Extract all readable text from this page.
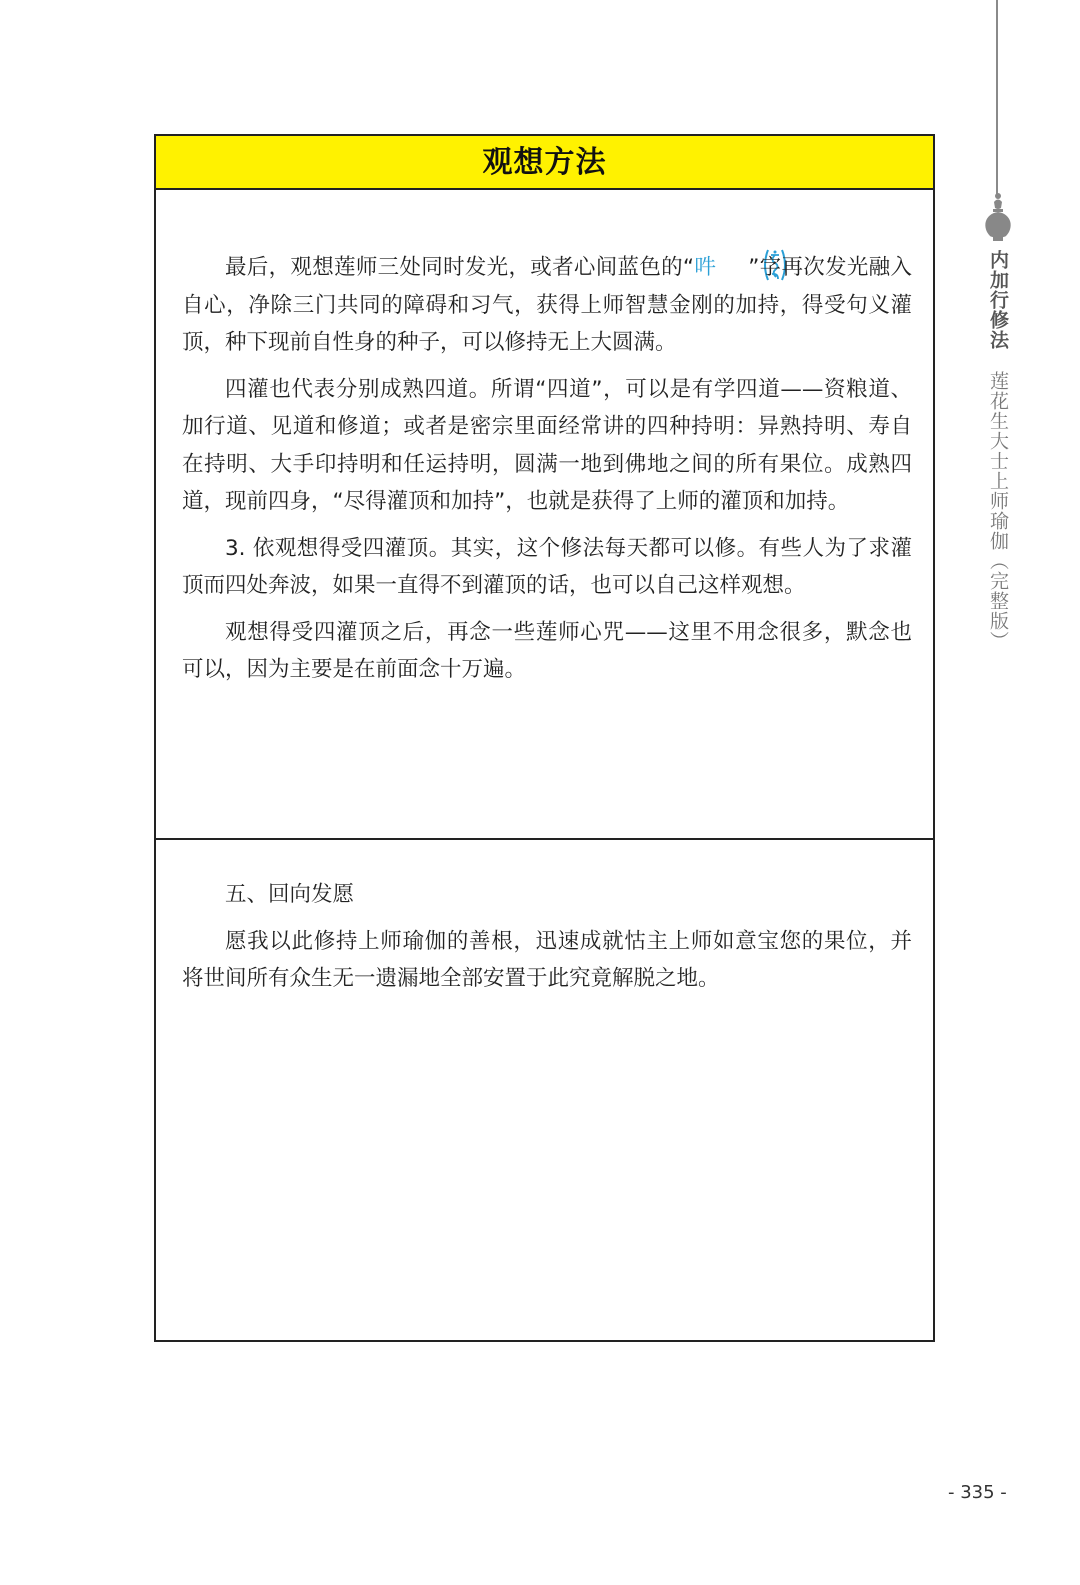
内加行修法 莲花生大士上师瑜伽（完整版）
观想方法

最后，观想莲师三处同时发光，或者心间蓝色的“吽 ”字再次发光融入自心，净除三门共同的障碍和习气，获得上师智慧金刚的加持，得受句义灌顶，种下现前自性身的种子，可以修持无上大圆满。

四灌也代表分别成熟四道。所谓“四道”，可以是有学四道——资粮道、加行道、见道和修道；或者是密宗里面经常讲的四种持明：异熟持明、寿自在持明、大手印持明和任运持明，圆满一地到佛地之间的所有果位。成熟四道，现前四身，“尽得灌顶和加持”，也就是获得了上师的灌顶和加持。

3. 依观想得受四灌顶。其实，这个修法每天都可以修。有些人为了求灌顶而四处奔波，如果一直得不到灌顶的话，也可以自己这样观想。

观想得受四灌顶之后，再念一些莲师心咒——这里不用念很多，默念也可以，因为主要是在前面念十万遍。

五、回向发愿

愿我以此修持上师瑜伽的善根，迅速成就怙主上师如意宝您的果位，并将世间所有众生无一遗漏地全部安置于此究竟解脱之地。

- 335 -
